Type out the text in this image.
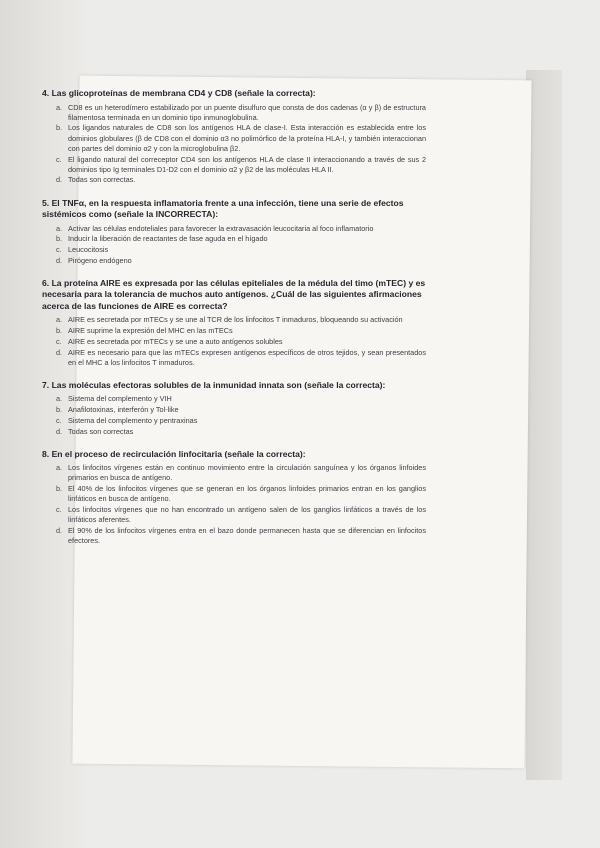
4. Las glicoproteínas de membrana CD4 y CD8 (señale la correcta):

a. CD8 es un heterodímero estabilizado por un puente disulfuro que consta de dos cadenas (α y β) de estructura filamentosa terminada en un dominio tipo inmunoglobulina.
b. Los ligandos naturales de CD8 son los antígenos HLA de clase-I. Esta interacción es establecida entre los dominios globulares (β de CD8 con el dominio α3 no polimórfico de la proteína HLA-I, y también interaccionan con partes del dominio α2 y con la microglobulina β2.
c. El ligando natural del correceptor CD4 son los antígenos HLA de clase II interaccionando a través de sus 2 dominios tipo Ig terminales D1-D2 con el dominio α2 y β2 de las moléculas HLA II.
d. Todas son correctas.

5. El TNFα, en la respuesta inflamatoria frente a una infección, tiene una serie de efectos sistémicos como (señale la INCORRECTA):

a. Activar las células endoteliales para favorecer la extravasación leucocitaria al foco inflamatorio
b. Inducir la liberación de reactantes de fase aguda en el hígado
c. Leucocitosis
d. Pirógeno endógeno

6. La proteína AIRE es expresada por las células epiteliales de la médula del timo (mTEC) y es necesaria para la tolerancia de muchos auto antígenos. ¿Cuál de las siguientes afirmaciones acerca de las funciones de AIRE es correcta?

a. AIRE es secretada por mTECs y se une al TCR de los linfocitos T inmaduros, bloqueando su activación
b. AIRE suprime la expresión del MHC en las mTECs
c. AIRE es secretada por mTECs y se une a auto antígenos solubles
d. AIRE es necesario para que las mTECs expresen antígenos específicos de otros tejidos, y sean presentados en el MHC a los linfocitos T inmaduros.

7. Las moléculas efectoras solubles de la inmunidad innata son (señale la correcta):

a. Sistema del complemento y VIH
b. Anafilotoxinas, interferón y Tol-like
c. Sistema del complemento y pentraxinas
d. Todas son correctas

8. En el proceso de recirculación linfocitaria (señale la correcta):

a. Los linfocitos vírgenes están en continuo movimiento entre la circulación sanguínea y los órganos linfoides primarios en busca de antígeno.
b. El 40% de los linfocitos vírgenes que se generan en los órganos linfoides primarios entran en los ganglios linfáticos en busca de antígeno.
c. Los linfocitos vírgenes que no han encontrado un antígeno salen de los ganglios linfáticos a través de los linfáticos aferentes.
d. El 90% de los linfocitos vírgenes entra en el bazo donde permanecen hasta que se diferencian en linfocitos efectores.
